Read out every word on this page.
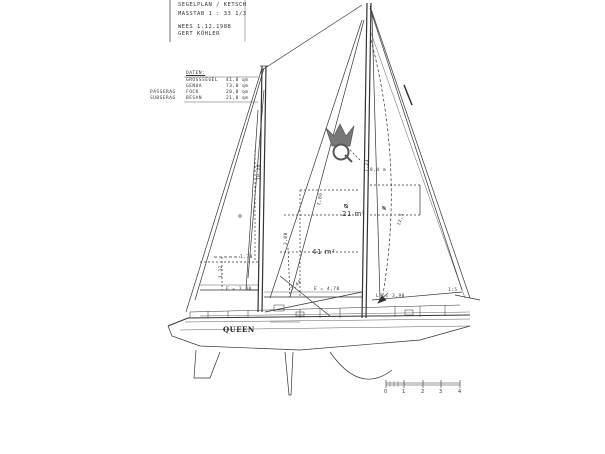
SEGELPLAN / KETSCH
MASSTAB 1 : 33 1/3
WEES 1.12.1988
GERT KÖHLER
DATEN:
GROSSSEGEL 41,0 qm
GENUA	73,0 qm
PASSERAG FOCK	20,0 qm
SUBSERAG BESAN	21,0 qm
21 m²
41 m²
8,4 m
LP = 3,90
E = 4,70
E = 3,30	1:5
1,32
2,00
7,23
10,28
1,78
2,86
12,5
2,44
QUEEN
0	1	2	3	4
